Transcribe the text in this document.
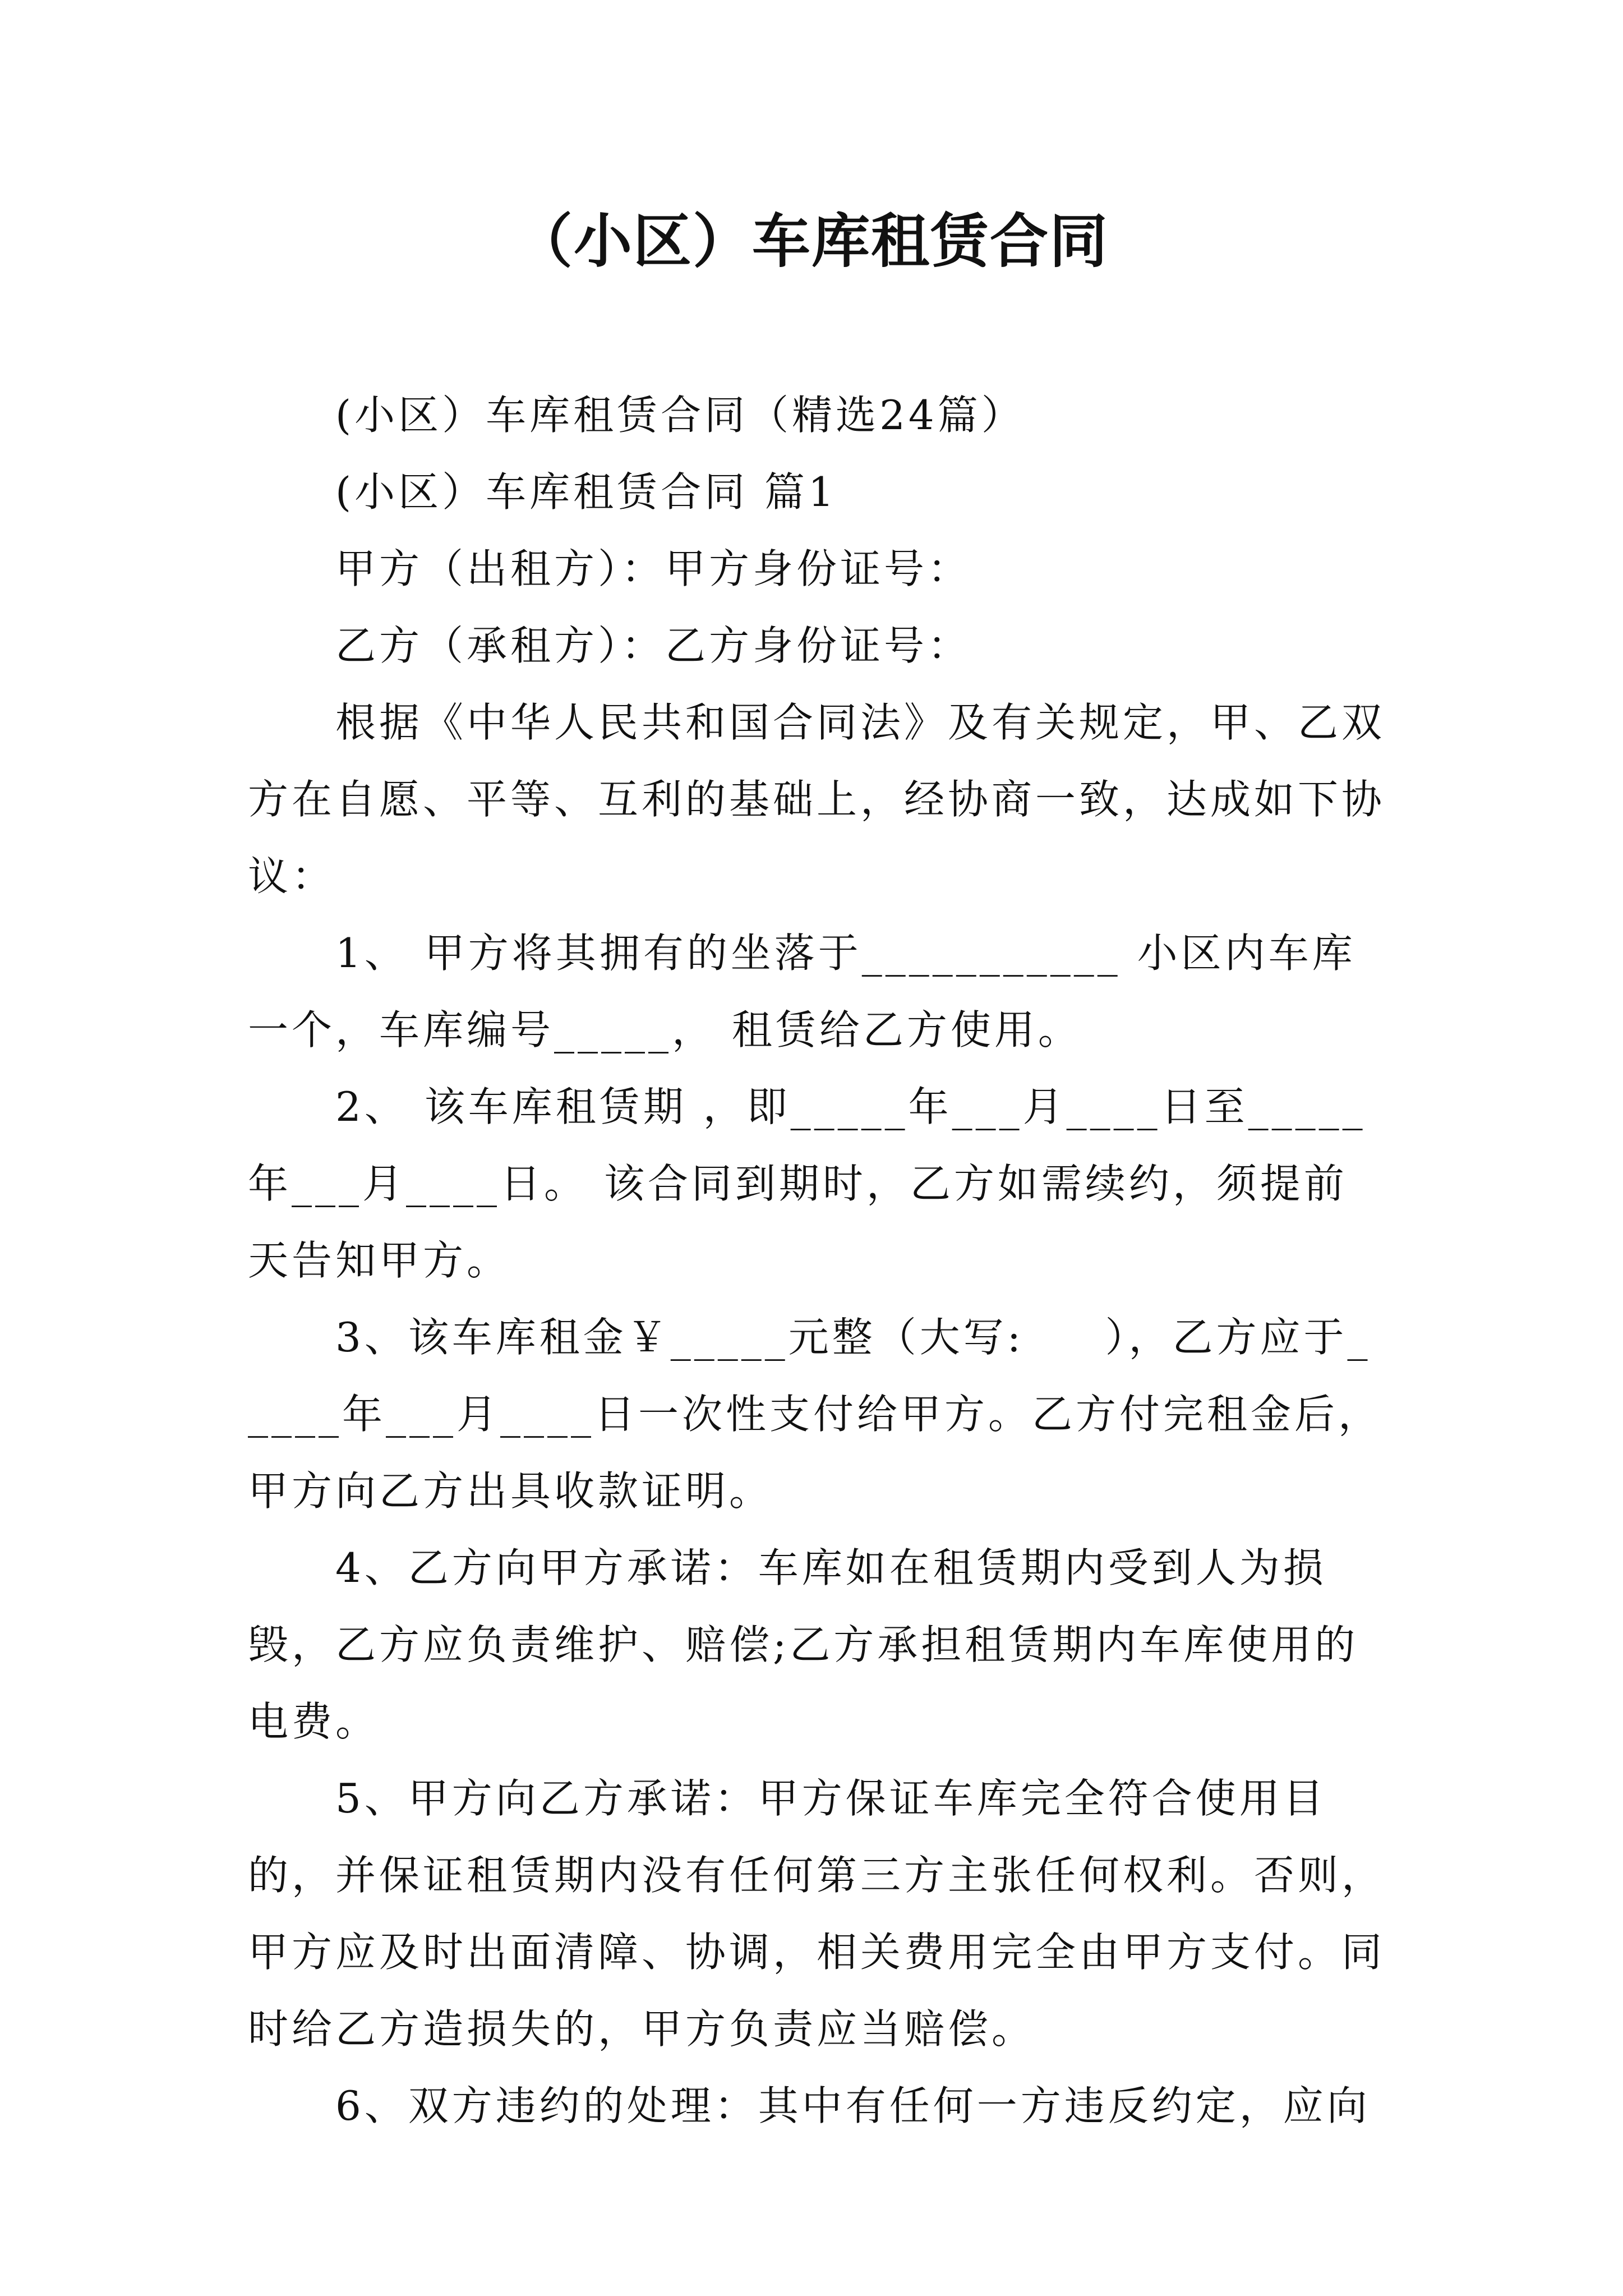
（小区）车库租赁合同

(小区）车库租赁合同（精选24篇）

(小区）车库租赁合同 篇1

甲方（出租方）：甲方身份证号：

乙方（承租方）：乙方身份证号：

根据《中华人民共和国合同法》及有关规定，甲、乙双方在自愿、平等、互利的基础上，经协商一致，达成如下协议：

1、 甲方将其拥有的坐落于___________ 小区内车库一个，车库编号_____， 租赁给乙方使用。

2、 该车库租赁期 ，即_____年___月____日至_____年___月____日。 该合同到期时，乙方如需续约，须提前 天告知甲方。

3、该车库租金￥_____元整（大写:     ），乙方应于_____年___月____日一次性支付给甲方。乙方付完租金后，甲方向乙方出具收款证明。

4、乙方向甲方承诺：车库如在租赁期内受到人为损毁，乙方应负责维护、赔偿;乙方承担租赁期内车库使用的电费。

5、甲方向乙方承诺：甲方保证车库完全符合使用目的，并保证租赁期内没有任何第三方主张任何权利。否则，甲方应及时出面清障、协调，相关费用完全由甲方支付。同时给乙方造损失的，甲方负责应当赔偿。

6、双方违约的处理：其中有任何一方违反约定，应向
